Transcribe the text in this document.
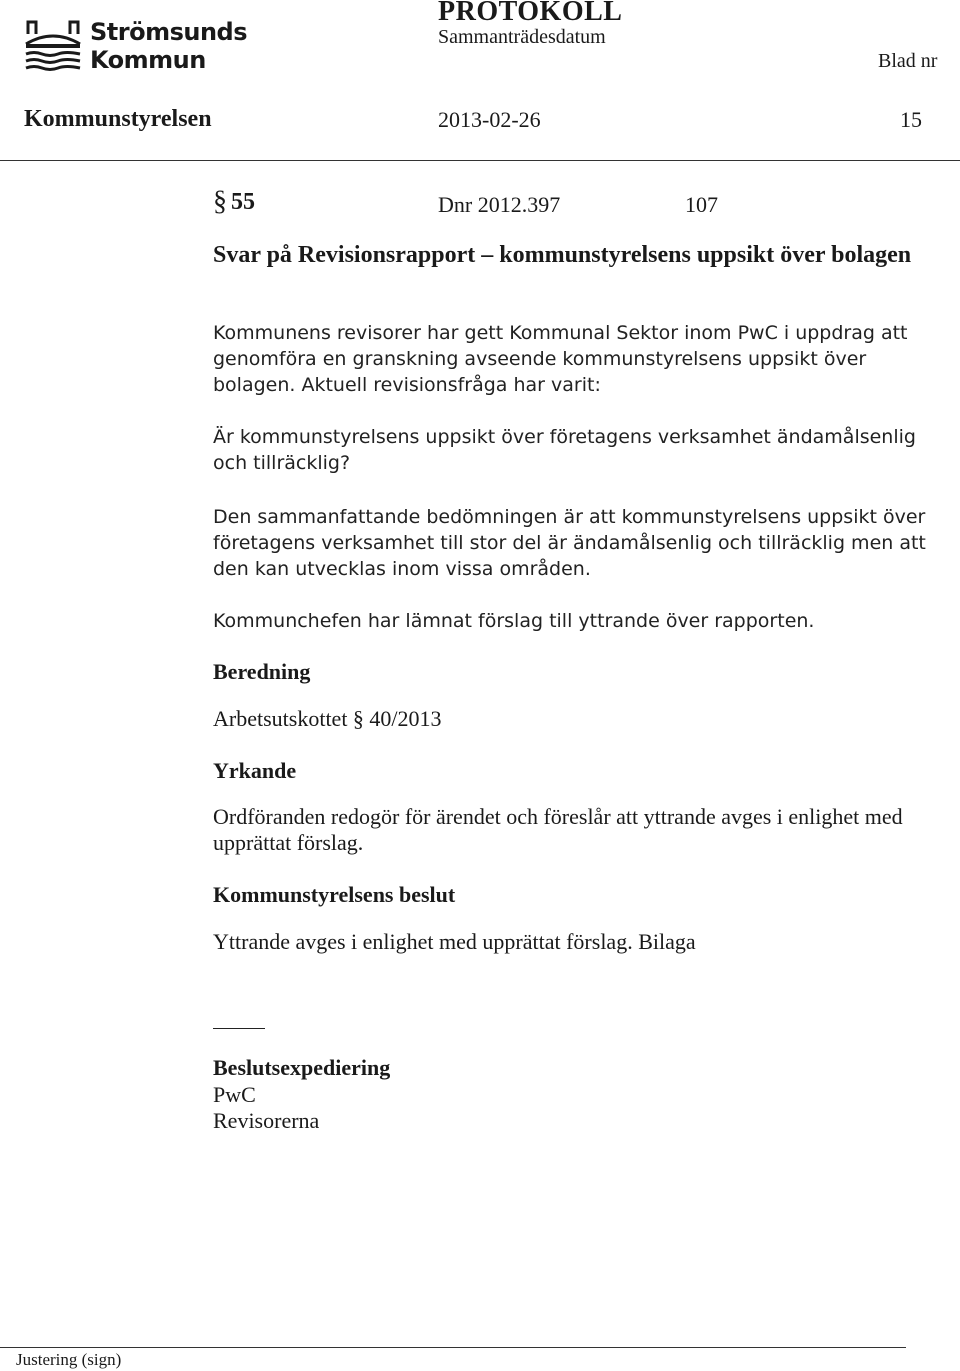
Strömsunds
Kommun
PROTOKOLL
Sammanträdesdatum
Blad nr
Kommunstyrelsen	2013-02-26	15
§ 55	Dnr 2012.397	107
Svar på Revisionsrapport – kommunstyrelsens uppsikt över bolagen
Kommunens revisorer har gett Kommunal Sektor inom PwC i uppdrag att genomföra en granskning avseende kommunstyrelsens uppsikt över bolagen. Aktuell revisionsfråga har varit:
Är kommunstyrelsens uppsikt över företagens verksamhet ändamålsenlig och tillräcklig?
Den sammanfattande bedömningen är att kommunstyrelsens uppsikt över företagens verksamhet till stor del är ändamålsenlig och tillräcklig men att den kan utvecklas inom vissa områden.
Kommunchefen har lämnat förslag till yttrande över rapporten.
Beredning
Arbetsutskottet § 40/2013
Yrkande
Ordföranden redogör för ärendet och föreslår att yttrande avges i enlighet med upprättat förslag.
Kommunstyrelsens beslut
Yttrande avges i enlighet med upprättat förslag. Bilaga
Beslutsexpediering
PwC
Revisorerna
Justering (sign)
